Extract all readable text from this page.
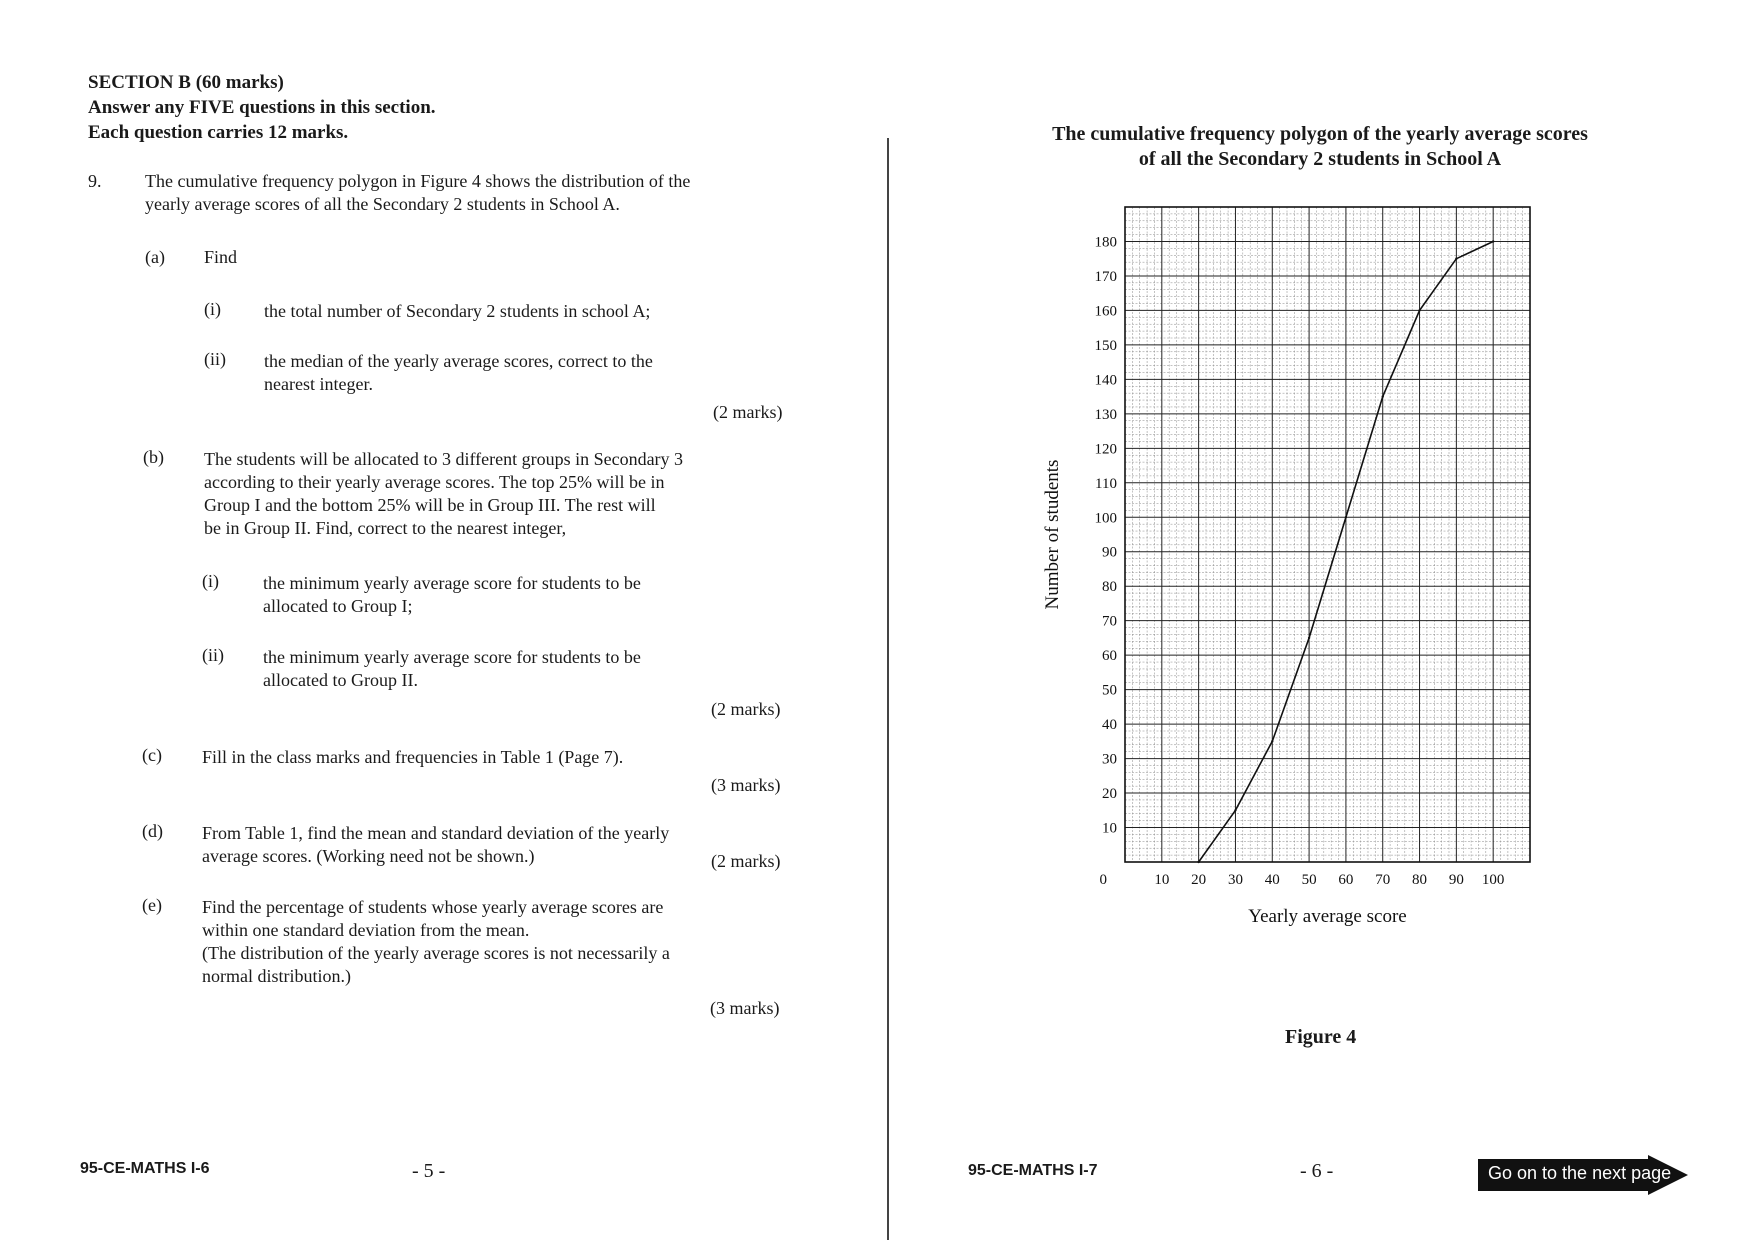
SECTION B (60 marks)
Answer any FIVE questions in this section.
Each question carries 12 marks.
9. The cumulative frequency polygon in Figure 4 shows the distribution of the
yearly average scores of all the Secondary 2 students in School A.
(a) Find
(i) the total number of Secondary 2 students in school A;
(ii) the median of the yearly average scores, correct to the
nearest integer.
(2 marks)
(b) The students will be allocated to 3 different groups in Secondary 3
according to their yearly average scores. The top 25% will be in
Group I and the bottom 25% will be in Group III. The rest will
be in Group II. Find, correct to the nearest integer,
(i) the minimum yearly average score for students to be
allocated to Group I;
(ii) the minimum yearly average score for students to be
allocated to Group II.
(2 marks)
(c) Fill in the class marks and frequencies in Table 1 (Page 7).
(3 marks)
(d) From Table 1, find the mean and standard deviation of the yearly
average scores. (Working need not be shown.)	(2 marks)
(e) Find the percentage of students whose yearly average scores are
within one standard deviation from the mean.
(The distribution of the yearly average scores is not necessarily a
normal distribution.)
(3 marks)
95-CE-MATHS I-6	- 5 -
The cumulative frequency polygon of the yearly average scores
of all the Secondary 2 students in School A
0
10
20
30
40
50
60
70
80
90
100
110
120
130
140
150
160
170
180
10 20 30 40 50 60 70 80 90 100
Number of students
Yearly average score
Figure 4
95-CE-MATHS I-7	- 6 -	Go on to the next page
